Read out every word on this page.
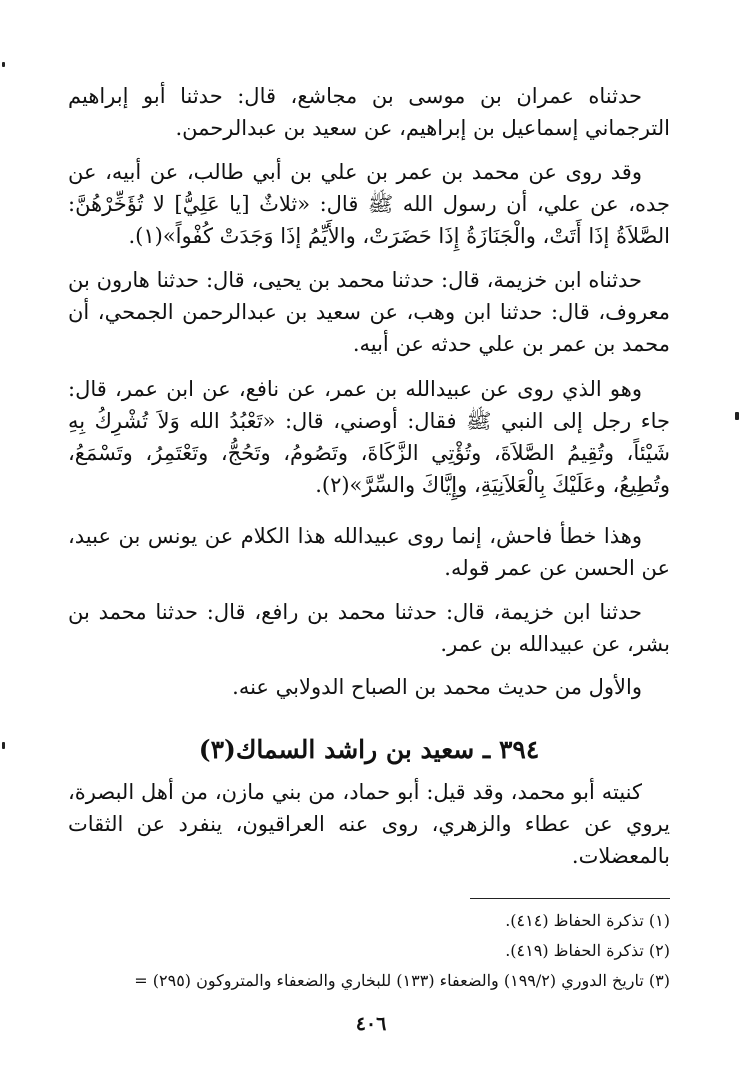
حدثناه عمران بن موسى بن مجاشع، قال: حدثنا أبو إبراهيم الترجماني إسماعيل بن إبراهيم، عن سعيد بن عبدالرحمن.

وقد روى عن محمد بن عمر بن علي بن أبي طالب، عن أبيه، عن جده، عن علي، أن رسول الله ﷺ قال: «ثلاثٌ [يا عَلِيُّ] لا تُؤَخِّرْهُنَّ: الصَّلاَةُ إذَا أَتَتْ، والْجَنَازَةُ إِذَا حَضَرَتْ، والأَيِّمُ إذَا وَجَدَتْ كُفْواً»(١).

حدثناه ابن خزيمة، قال: حدثنا محمد بن يحيى، قال: حدثنا هارون بن معروف، قال: حدثنا ابن وهب، عن سعيد بن عبدالرحمن الجمحي، أن محمد بن عمر بن علي حدثه عن أبيه.

وهو الذي روى عن عبيدالله بن عمر، عن نافع، عن ابن عمر، قال: جاء رجل إلى النبي ﷺ فقال: أوصني، قال: «تَعْبُدُ الله وَلاَ تُشْرِكُ بِهِ شَيْئاً، وتُقِيمُ الصَّلاَةَ، وتُؤْتِي الزَّكَاةَ، وتَصُومُ، وتَحُجُّ، وتَعْتَمِرُ، وتَسْمَعُ، وتُطِيعُ، وعَلَيْكَ بِالْعَلاَنِيَةِ، وإِيَّاكَ والسِّرَّ»(٢).

وهذا خطأ فاحش، إنما روى عبيدالله هذا الكلام عن يونس بن عبيد، عن الحسن عن عمر قوله.

حدثنا ابن خزيمة، قال: حدثنا محمد بن رافع، قال: حدثنا محمد بن بشر، عن عبيدالله بن عمر.

والأول من حديث محمد بن الصباح الدولابي عنه.

٣٩٤ ـ سعيد بن راشد السماك(٣)

كنيته أبو محمد، وقد قيل: أبو حماد، من بني مازن، من أهل البصرة، يروي عن عطاء والزهري، روى عنه العراقيون، ينفرد عن الثقات بالمعضلات.

(١) تذكرة الحفاظ (٤١٤).

(٢) تذكرة الحفاظ (٤١٩).

(٣) تاريخ الدوري (١٩٩/٢) والضعفاء (١٣٣) للبخاري والضعفاء والمتروكون (٢٩٥) =

٤٠٦
